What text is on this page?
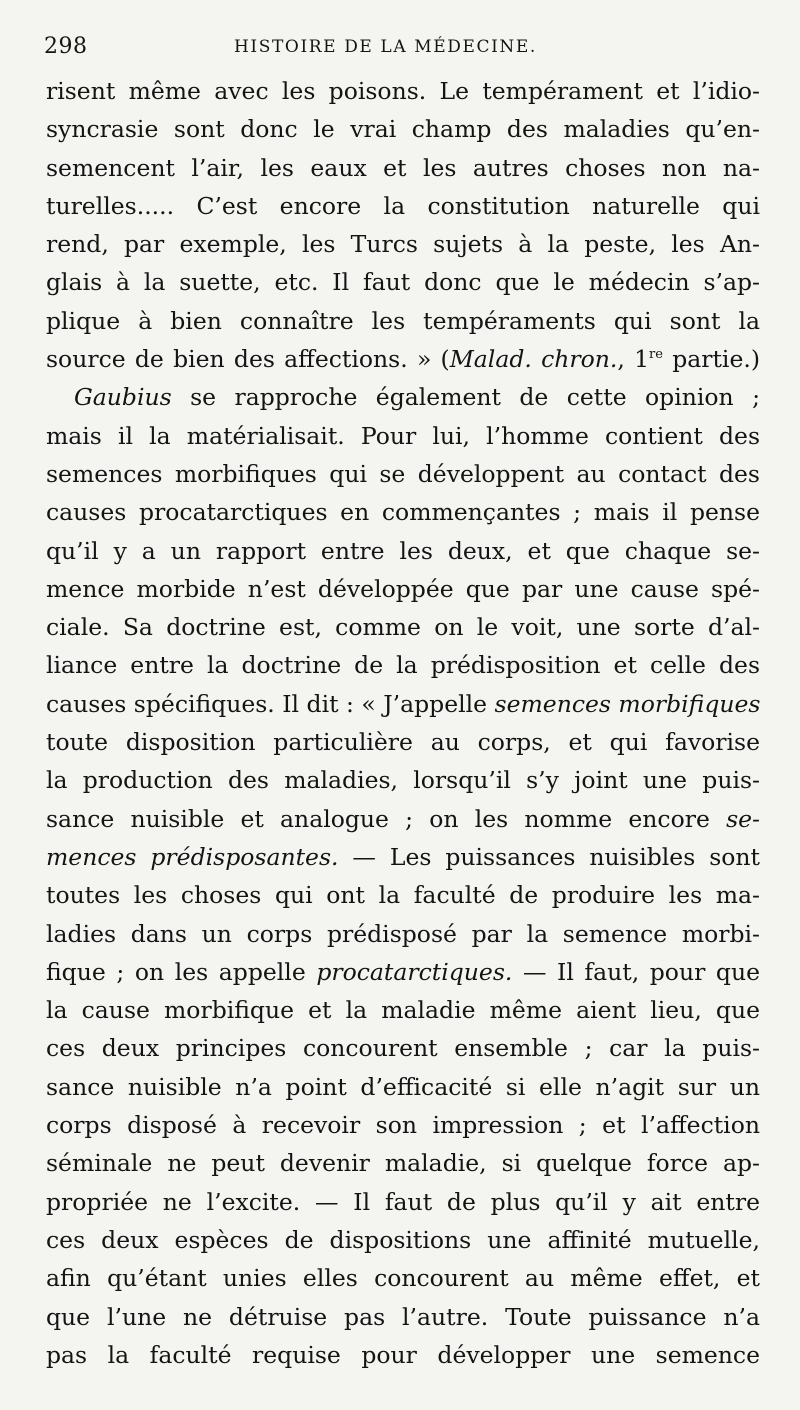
298	HISTOIRE DE LA MÉDECINE.
risent même avec les poisons. Le tempérament et l’idio-
syncrasie sont donc le vrai champ des maladies qu’en-
semencent l’air, les eaux et les autres choses non na-
turelles..... C’est encore la constitution naturelle qui
rend, par exemple, les Turcs sujets à la peste, les An-
glais à la suette, etc. Il faut donc que le médecin s’ap-
plique à bien connaître les tempéraments qui sont la
source de bien des affections. » (Malad. chron., 1re partie.)
Gaubius se rapproche également de cette opinion ;
mais il la matérialisait. Pour lui, l’homme contient des
semences morbifiques qui se développent au contact des
causes procatarctiques en commençantes ; mais il pense
qu’il y a un rapport entre les deux, et que chaque se-
mence morbide n’est développée que par une cause spé-
ciale. Sa doctrine est, comme on le voit, une sorte d’al-
liance entre la doctrine de la prédisposition et celle des
causes spécifiques. Il dit : « J’appelle semences morbifiques
toute disposition particulière au corps, et qui favorise
la production des maladies, lorsqu’il s’y joint une puis-
sance nuisible et analogue ; on les nomme encore se-
mences prédisposantes. — Les puissances nuisibles sont
toutes les choses qui ont la faculté de produire les ma-
ladies dans un corps prédisposé par la semence morbi-
fique ; on les appelle procatarctiques. — Il faut, pour que
la cause morbifique et la maladie même aient lieu, que
ces deux principes concourent ensemble ; car la puis-
sance nuisible n’a point d’efficacité si elle n’agit sur un
corps disposé à recevoir son impression ; et l’affection
séminale ne peut devenir maladie, si quelque force ap-
propriée ne l’excite. — Il faut de plus qu’il y ait entre
ces deux espèces de dispositions une affinité mutuelle,
afin qu’étant unies elles concourent au même effet, et
que l’une ne détruise pas l’autre. Toute puissance n’a
pas la faculté requise pour développer une semence
